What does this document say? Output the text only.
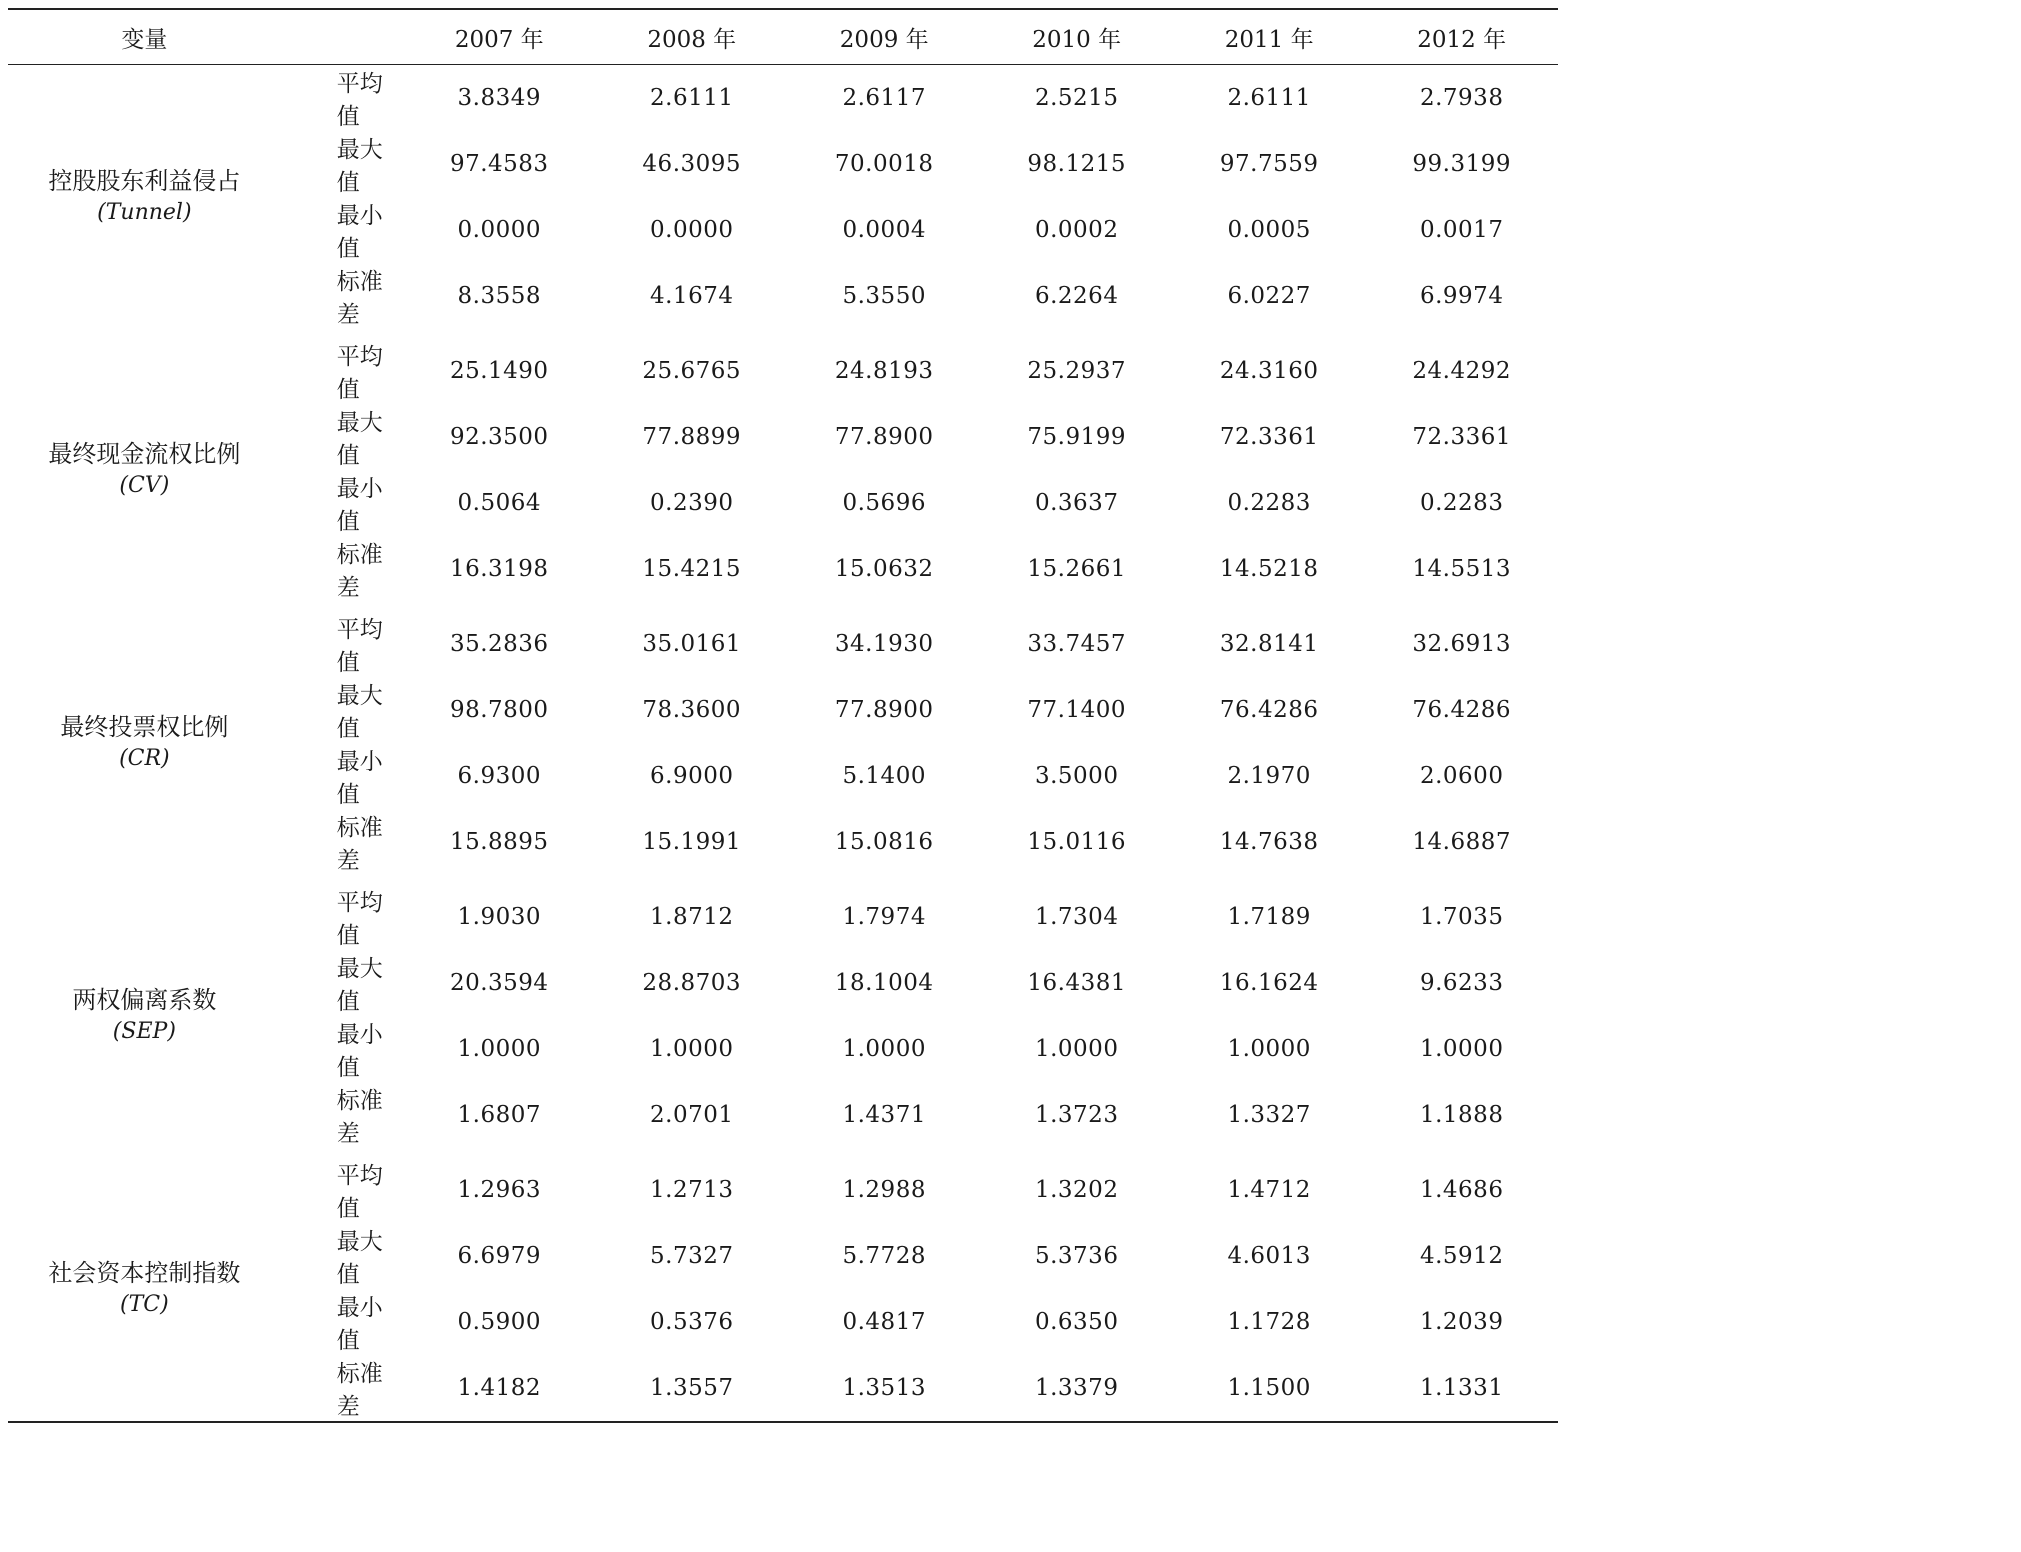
变量		2007 年	2008 年	2009 年	2010 年	2011 年	2012 年

控股股东利益侵占
(Tunnel)	平均值	3.8349	2.6111	2.6117	2.5215	2.6111	2.7938
	最大值	97.4583	46.3095	70.0018	98.1215	97.7559	99.3199
	最小值	0.0000	0.0000	0.0004	0.0002	0.0005	0.0017
	标准差	8.3558	4.1674	5.3550	6.2264	6.0227	6.9974

最终现金流权比例
(CV)	平均值	25.1490	25.6765	24.8193	25.2937	24.3160	24.4292
	最大值	92.3500	77.8899	77.8900	75.9199	72.3361	72.3361
	最小值	0.5064	0.2390	0.5696	0.3637	0.2283	0.2283
	标准差	16.3198	15.4215	15.0632	15.2661	14.5218	14.5513

最终投票权比例
(CR)	平均值	35.2836	35.0161	34.1930	33.7457	32.8141	32.6913
	最大值	98.7800	78.3600	77.8900	77.1400	76.4286	76.4286
	最小值	6.9300	6.9000	5.1400	3.5000	2.1970	2.0600
	标准差	15.8895	15.1991	15.0816	15.0116	14.7638	14.6887

两权偏离系数
(SEP)	平均值	1.9030	1.8712	1.7974	1.7304	1.7189	1.7035
	最大值	20.3594	28.8703	18.1004	16.4381	16.1624	9.6233
	最小值	1.0000	1.0000	1.0000	1.0000	1.0000	1.0000
	标准差	1.6807	2.0701	1.4371	1.3723	1.3327	1.1888

社会资本控制指数
(TC)	平均值	1.2963	1.2713	1.2988	1.3202	1.4712	1.4686
	最大值	6.6979	5.7327	5.7728	5.3736	4.6013	4.5912
	最小值	0.5900	0.5376	0.4817	0.6350	1.1728	1.2039
	标准差	1.4182	1.3557	1.3513	1.3379	1.1500	1.1331
